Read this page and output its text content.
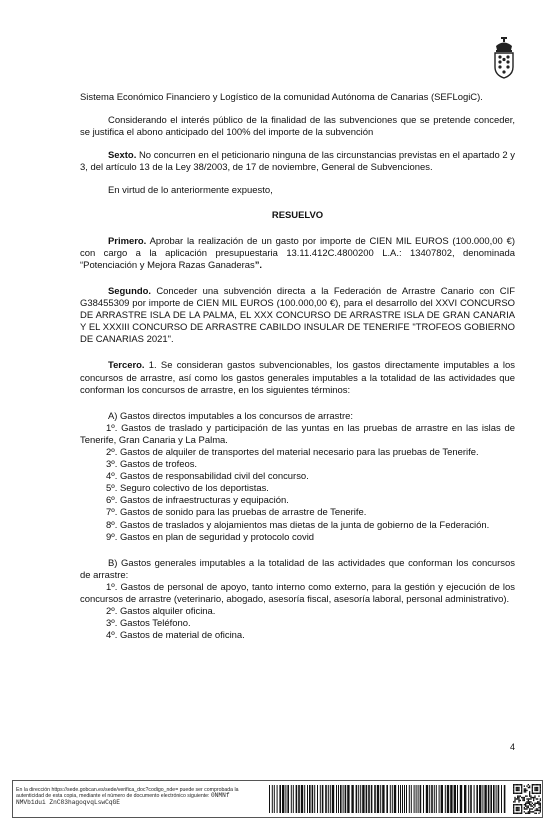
Sistema Económico Financiero y Logístico de la comunidad Autónoma de Canarias (SEFLogiC).

Considerando el interés público de la finalidad de las subvenciones que se pretende conceder, se justifica el abono anticipado del 100% del importe de la subvención

Sexto. No concurren en el peticionario ninguna de las circunstancias previstas en el apartado 2 y 3, del artículo 13 de la Ley 38/2003, de 17 de noviembre, General de Subvenciones.

En virtud de lo anteriormente expuesto,

RESUELVO

Primero. Aprobar la realización de un gasto por importe de CIEN MIL EUROS (100.000,00 €) con cargo a la aplicación presupuestaria 13.11.412C.4800200 L.A.: 13407802, denominada “Potenciación y Mejora Razas Ganaderas”.

Segundo. Conceder una subvención directa a la Federación de Arrastre Canario con CIF G38455309 por importe de CIEN MIL EUROS (100.000,00 €), para el desarrollo del XXVI CONCURSO DE ARRASTRE ISLA DE LA PALMA, EL XXX CONCURSO DE ARRASTRE ISLA DE GRAN CANARIA Y EL XXXIII CONCURSO DE ARRASTRE CABILDO INSULAR DE TENERIFE "TROFEOS GOBIERNO DE CANARIAS 2021".

Tercero. 1. Se consideran gastos subvencionables, los gastos directamente imputables a los concursos de arrastre, así como los gastos generales imputables a la totalidad de las actividades que conforman los concursos de arrastre, en los siguientes términos:

A) Gastos directos imputables a los concursos de arrastre:

1º. Gastos de traslado y participación de las yuntas en las pruebas de arrastre en las islas de Tenerife, Gran Canaria y La Palma.

2º. Gastos de alquiler de transportes del material necesario para las pruebas de Tenerife.

3º. Gastos de trofeos.

4º. Gastos de responsabilidad civil del concurso.

5º. Seguro colectivo de los deportistas.

6º. Gastos de infraestructuras y equipación.

7º. Gastos de sonido para las pruebas de arrastre de Tenerife.

8º. Gastos de traslados y alojamientos mas dietas de la junta de gobierno de la Federación.

9º. Gastos en plan de seguridad y protocolo covid

B) Gastos generales imputables a la totalidad de las actividades que conforman los concursos de arrastre:

1º. Gastos de personal de apoyo, tanto interno como externo, para la gestión y ejecución de los concursos de arrastre (veterinario, abogado, asesoría fiscal, asesoría laboral, personal administrativo).

2º. Gastos alquiler oficina.

3º. Gastos Teléfono.

4º. Gastos de material de oficina.

4
En la dirección https://sede.gobcan.es/sede/verifica_doc?codigo_nde= puede ser comprobada la autenticidad de esta copia, mediante el número de documento electrónico siguiente: 0NMNf NMVb1dui ZnC83hagoqvqLswCqGE
